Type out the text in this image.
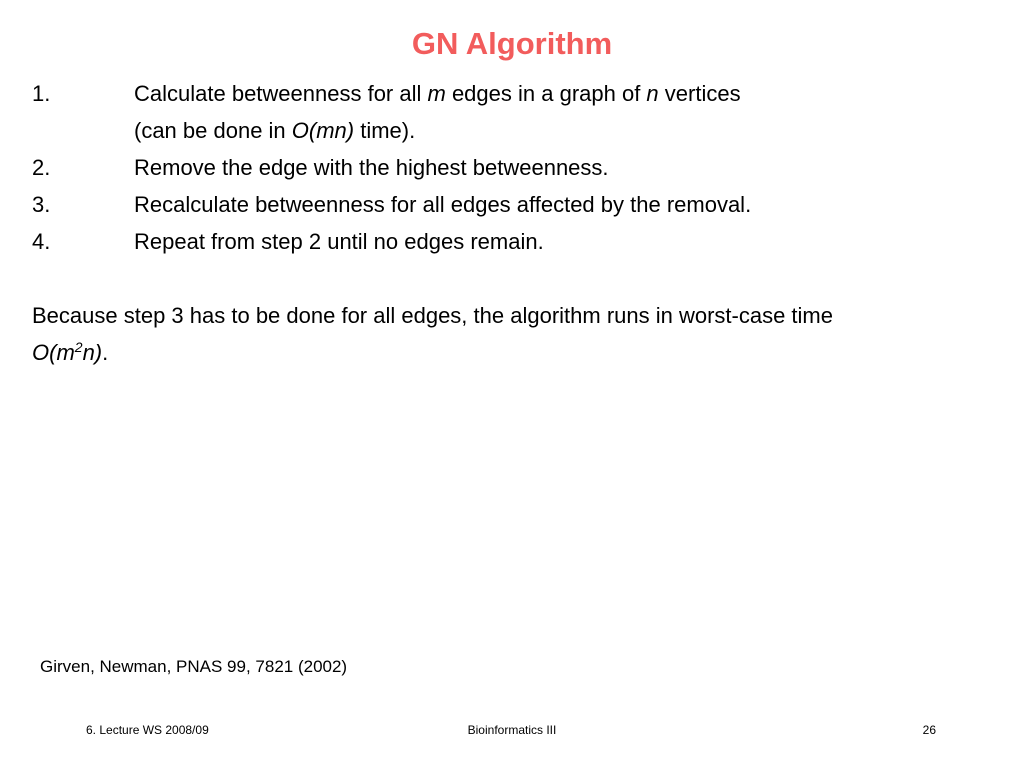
GN Algorithm
1.	Calculate betweenness for all m edges in a graph of n vertices
(can be done in O(mn) time).
2.	Remove the edge with the highest betweenness.
3.	Recalculate betweenness for all edges affected by the removal.
4.	Repeat from step 2 until no edges remain.
Because step 3 has to be done for all edges, the algorithm runs in worst-case time
$O(m^2n)$.
Girven, Newman, PNAS 99, 7821 (2002)
6. Lecture WS 2008/09	Bioinformatics III	26
